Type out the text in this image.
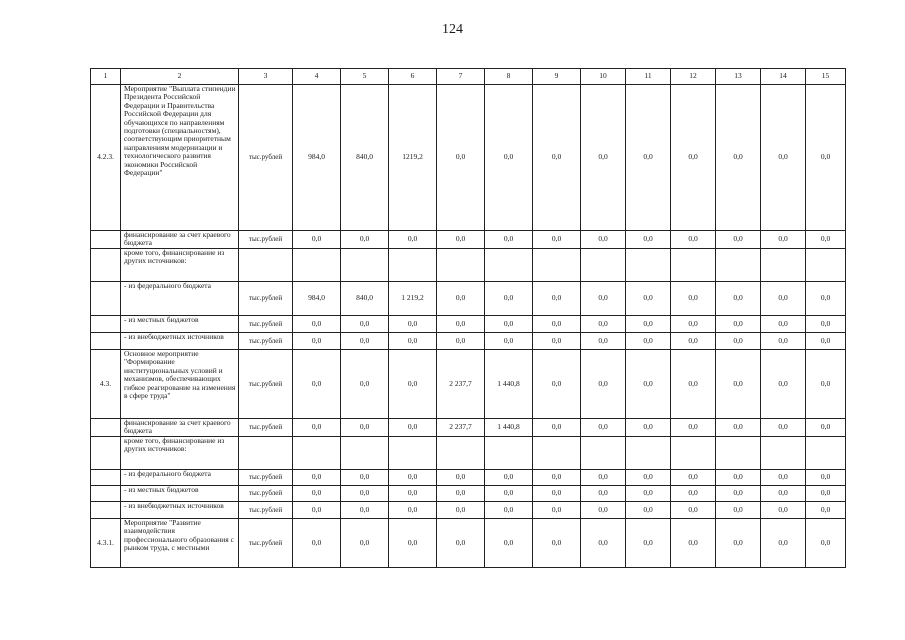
124
1	2	3	4	5	6	7	8	9	10	11	12	13	14	15
4.2.3.	Мероприятие "Выплата стипендии Президента Российской Федерации и Правительства Российской Федерации для обучающихся по направлениям подготовки (специальностям), соответствующим приоритетным направлениям модернизации и технологического развития экономики Российской Федерации"	тыс.рублей	984,0	840,0	1219,2	0,0	0,0	0,0	0,0	0,0	0,0	0,0	0,0	0,0
	финансирование за счет краевого бюджета	тыс.рублей	0,0	0,0	0,0	0,0	0,0	0,0	0,0	0,0	0,0	0,0	0,0	0,0
	кроме того, финансирование из других источников:													
	- из федерального бюджета	тыс.рублей	984,0	840,0	1 219,2	0,0	0,0	0,0	0,0	0,0	0,0	0,0	0,0	0,0
	- из местных бюджетов	тыс.рублей	0,0	0,0	0,0	0,0	0,0	0,0	0,0	0,0	0,0	0,0	0,0	0,0
	- из внебюджетных источников	тыс.рублей	0,0	0,0	0,0	0,0	0,0	0,0	0,0	0,0	0,0	0,0	0,0	0,0
4.3.	Основное мероприятие "Формирование институциональных условий и механизмов, обеспечивающих гибкое реагирование на изменения в сфере труда"	тыс.рублей	0,0	0,0	0,0	2 237,7	1 440,8	0,0	0,0	0,0	0,0	0,0	0,0	0,0
	финансирование за счет краевого бюджета	тыс.рублей	0,0	0,0	0,0	2 237,7	1 440,8	0,0	0,0	0,0	0,0	0,0	0,0	0,0
	кроме того, финансирование из других источников:													
	- из федерального бюджета	тыс.рублей	0,0	0,0	0,0	0,0	0,0	0,0	0,0	0,0	0,0	0,0	0,0	0,0
	- из местных бюджетов	тыс.рублей	0,0	0,0	0,0	0,0	0,0	0,0	0,0	0,0	0,0	0,0	0,0	0,0
	- из внебюджетных источников	тыс.рублей	0,0	0,0	0,0	0,0	0,0	0,0	0,0	0,0	0,0	0,0	0,0	0,0
4.3.1.	Мероприятие "Развитие взаимодействия профессионального образования с рынком труда, с местными	тыс.рублей	0,0	0,0	0,0	0,0	0,0	0,0	0,0	0,0	0,0	0,0	0,0	0,0
